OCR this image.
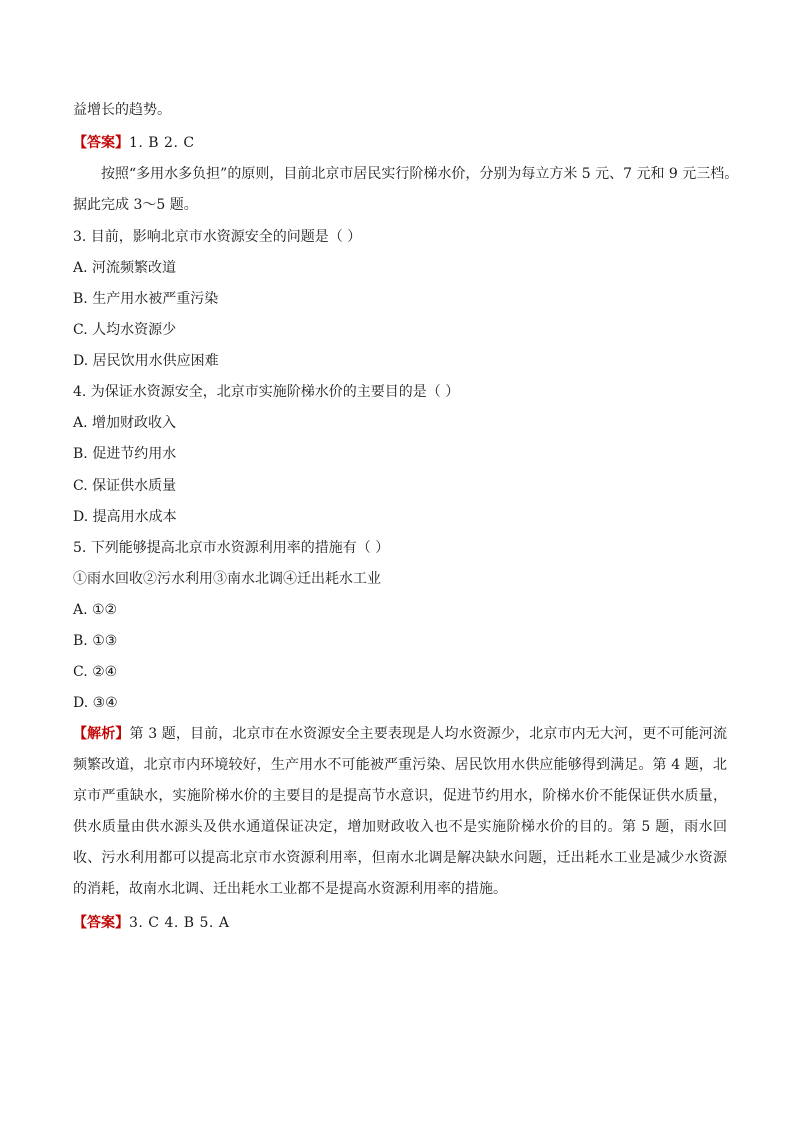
益增长的趋势。
【答案】1. B 2. C
按照“多用水多负担”的原则，目前北京市居民实行阶梯水价，分别为每立方米 5 元、7 元和 9 元三档。
据此完成 3～5 题。
3. 目前，影响北京市水资源安全的问题是（ ）
A. 河流频繁改道
B. 生产用水被严重污染
C. 人均水资源少
D. 居民饮用水供应困难
4. 为保证水资源安全，北京市实施阶梯水价的主要目的是（ ）
A. 增加财政收入
B. 促进节约用水
C. 保证供水质量
D. 提高用水成本
5. 下列能够提高北京市水资源利用率的措施有（ ）
①雨水回收②污水利用③南水北调④迁出耗水工业
A. ①②
B. ①③
C. ②④
D. ③④
【解析】第 3 题，目前，北京市在水资源安全主要表现是人均水资源少，北京市内无大河，更不可能河流频繁改道，北京市内环境较好，生产用水不可能被严重污染、居民饮用水供应能够得到满足。第 4 题，北京市严重缺水，实施阶梯水价的主要目的是提高节水意识，促进节约用水，阶梯水价不能保证供水质量，供水质量由供水源头及供水通道保证决定，增加财政收入也不是实施阶梯水价的目的。第 5 题，雨水回收、污水利用都可以提高北京市水资源利用率，但南水北调是解决缺水问题，迁出耗水工业是减少水资源的消耗，故南水北调、迁出耗水工业都不是提高水资源利用率的措施。
【答案】3. C 4. B 5. A
